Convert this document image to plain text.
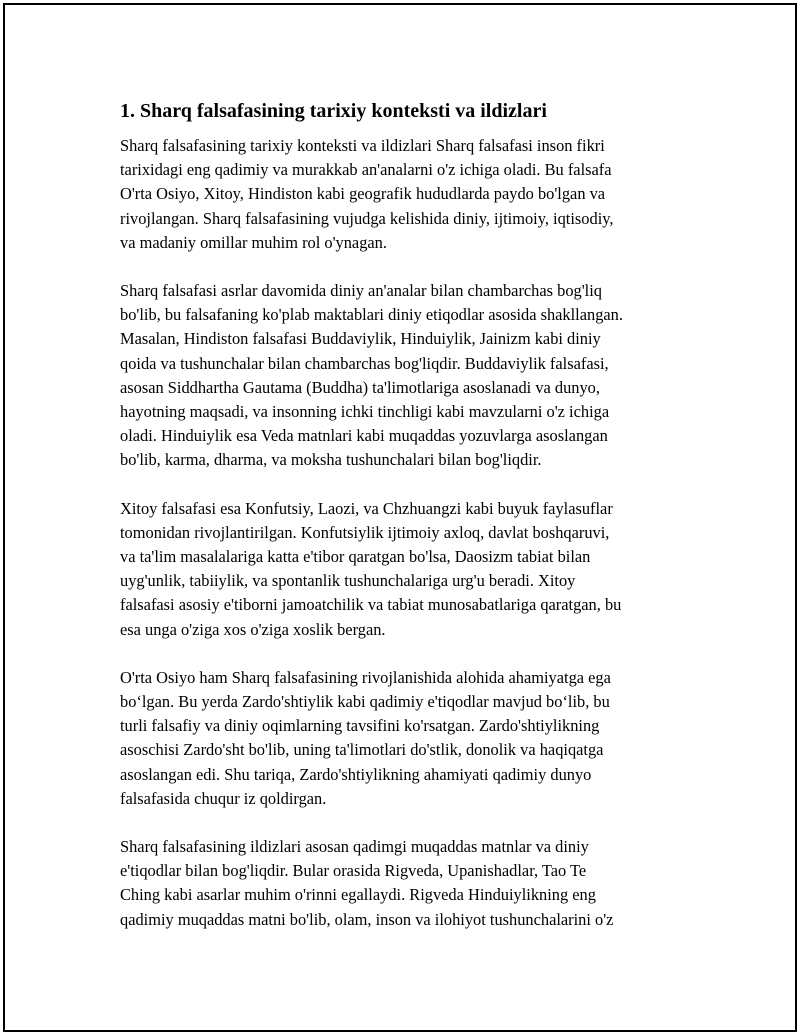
1. Sharq falsafasining tarixiy konteksti va ildizlari

Sharq falsafasining tarixiy konteksti va ildizlari Sharq falsafasi inson fikri
tarixidagi eng qadimiy va murakkab an'analarni o'z ichiga oladi. Bu falsafa
O'rta Osiyo, Xitoy, Hindiston kabi geografik hududlarda paydo bo'lgan va
rivojlangan. Sharq falsafasining vujudga kelishida diniy, ijtimoiy, iqtisodiy,
va madaniy omillar muhim rol o'ynagan.

Sharq falsafasi asrlar davomida diniy an'analar bilan chambarchas bog'liq
bo'lib, bu falsafaning ko'plab maktablari diniy etiqodlar asosida shakllangan.
Masalan, Hindiston falsafasi Buddaviylik, Hinduiylik, Jainizm kabi diniy
qoida va tushunchalar bilan chambarchas bog'liqdir. Buddaviylik falsafasi,
asosan Siddhartha Gautama (Buddha) ta'limotlariga asoslanadi va dunyo,
hayotning maqsadi, va insonning ichki tinchligi kabi mavzularni o'z ichiga
oladi. Hinduiylik esa Veda matnlari kabi muqaddas yozuvlarga asoslangan
bo'lib, karma, dharma, va moksha tushunchalari bilan bog'liqdir.

Xitoy falsafasi esa Konfutsiy, Laozi, va Chzhuangzi kabi buyuk faylasuflar
tomonidan rivojlantirilgan. Konfutsiylik ijtimoiy axloq, davlat boshqaruvi,
va ta'lim masalalariga katta e'tibor qaratgan bo'lsa, Daosizm tabiat bilan
uyg'unlik, tabiiylik, va spontanlik tushunchalariga urg'u beradi. Xitoy
falsafasi asosiy e'tiborni jamoatchilik va tabiat munosabatlariga qaratgan, bu
esa unga o'ziga xos o'ziga xoslik bergan.

O'rta Osiyo ham Sharq falsafasining rivojlanishida alohida ahamiyatga ega
bo‘lgan. Bu yerda Zardo'shtiylik kabi qadimiy e'tiqodlar mavjud bo‘lib, bu
turli falsafiy va diniy oqimlarning tavsifini ko'rsatgan. Zardo'shtiylikning
asoschisi Zardo'sht bo'lib, uning ta'limotlari do'stlik, donolik va haqiqatga
asoslangan edi. Shu tariqa, Zardo'shtiylikning ahamiyati qadimiy dunyo
falsafasida chuqur iz qoldirgan.

Sharq falsafasining ildizlari asosan qadimgi muqaddas matnlar va diniy
e'tiqodlar bilan bog'liqdir. Bular orasida Rigveda, Upanishadlar, Tao Te
Ching kabi asarlar muhim o'rinni egallaydi. Rigveda Hinduiylikning eng
qadimiy muqaddas matni bo'lib, olam, inson va ilohiyot tushunchalarini o'z
